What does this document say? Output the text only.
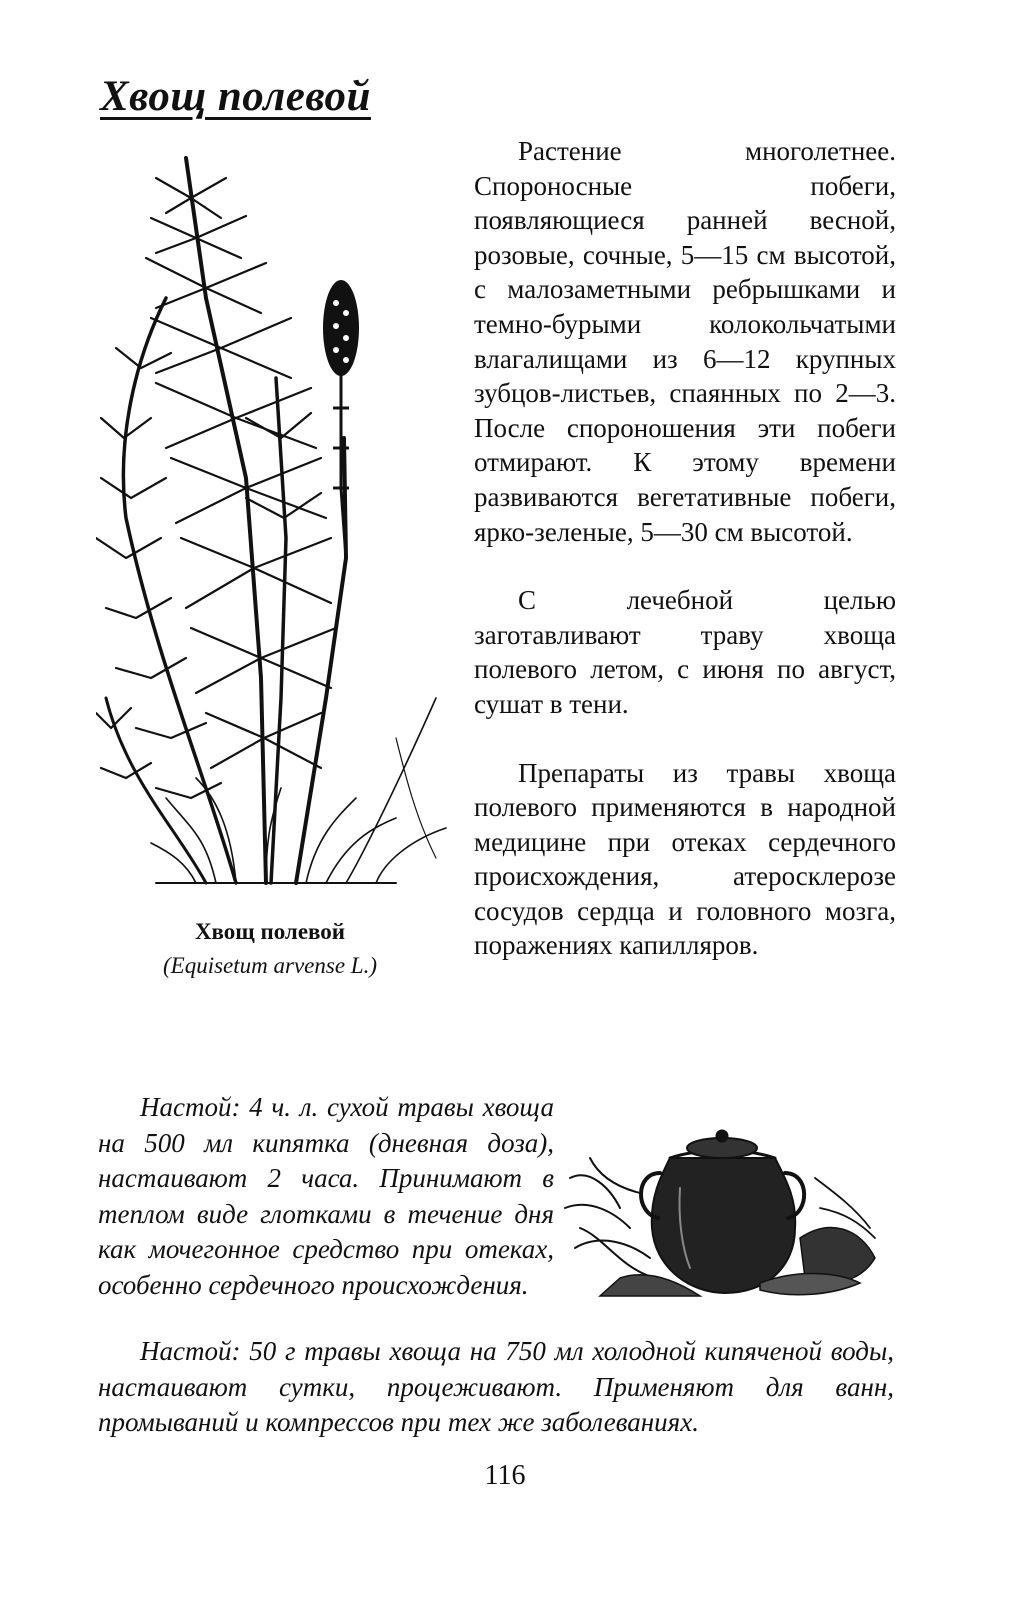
Хвощ полевой
Хвощ полевой
(Equisetum arvense L.)

Растение многолетнее. Спороносные побеги, появляющиеся ранней весной, розовые, сочные, 5—15 см высотой, с малозаметными ребрышками и темно-бурыми колокольчатыми влагалищами из 6—12 крупных зубцов-листьев, спаянных по 2—3. После спороношения эти побеги отмирают. К этому времени развиваются вегетативные побеги, ярко-зеленые, 5—30 см высотой.

С лечебной целью заготавливают траву хвоща полевого летом, с июня по август, сушат в тени.

Препараты из травы хвоща полевого применяются в народной медицине при отеках сердечного происхождения, атеросклерозе сосудов сердца и головного мозга, поражениях капилляров.

Настой: 4 ч. л. сухой травы хвоща на 500 мл кипятка (дневная доза), настаивают 2 часа. Принимают в теплом виде глотками в течение дня как мочегонное средство при отеках, особенно сердечного происхождения.

Настой: 50 г травы хвоща на 750 мл холодной кипяченой воды, настаивают сутки, процеживают. Применяют для ванн, промываний и компрессов при тех же заболеваниях.

116
